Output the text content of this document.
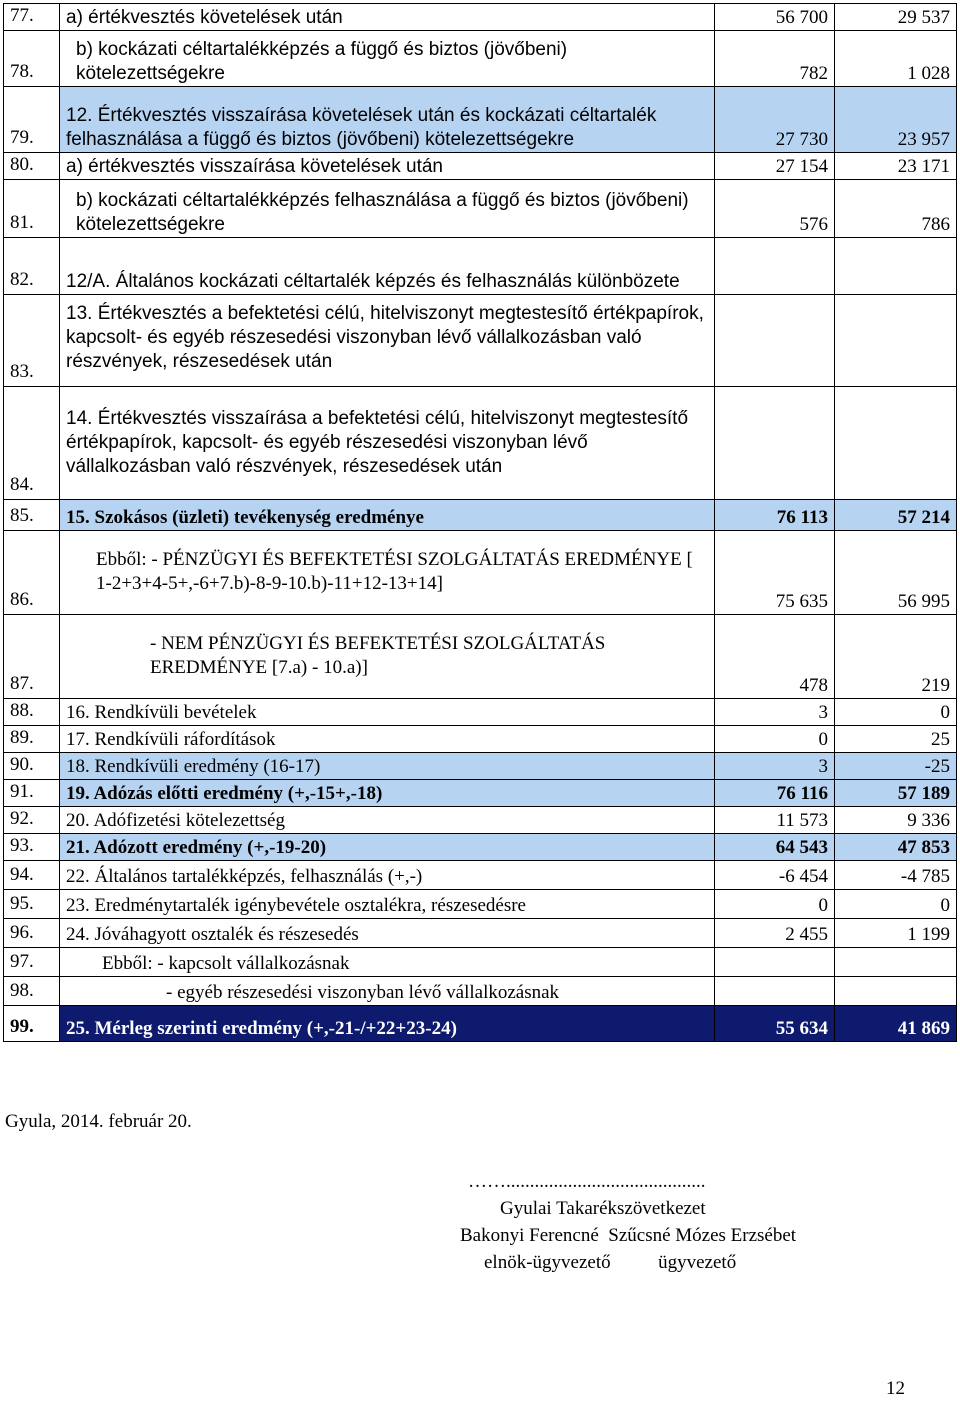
77.	a) értékvesztés követelések után	56 700	29 537
78.	b) kockázati céltartalékképzés a függő és biztos (jövőbeni) kötelezettségekre	782	1 028
79.	12. Értékvesztés visszaírása követelések után és kockázati céltartalék felhasználása a függő és biztos (jövőbeni) kötelezettségekre	27 730	23 957
80.	a) értékvesztés visszaírása követelések után	27 154	23 171
81.	b) kockázati céltartalékképzés felhasználása a függő és biztos (jövőbeni) kötelezettségekre	576	786
82.	12/A. Általános kockázati céltartalék képzés és felhasználás különbözete		
83.	13. Értékvesztés a befektetési célú, hitelviszonyt megtestesítő értékpapírok, kapcsolt- és egyéb részesedési viszonyban lévő vállalkozásban való részvények, részesedések után		
84.	14. Értékvesztés visszaírása a befektetési célú, hitelviszonyt megtestesítő értékpapírok, kapcsolt- és egyéb részesedési viszonyban lévő vállalkozásban való részvények, részesedések után		
85.	15. Szokásos (üzleti) tevékenység eredménye	76 113	57 214
86.	Ebből: - PÉNZÜGYI ÉS BEFEKTETÉSI SZOLGÁLTATÁS EREDMÉNYE [ 1-2+3+4-5+,-6+7.b)-8-9-10.b)-11+12-13+14]	75 635	56 995
87.	- NEM PÉNZÜGYI ÉS BEFEKTETÉSI SZOLGÁLTATÁS EREDMÉNYE [7.a) - 10.a)]	478	219
88.	16. Rendkívüli bevételek	3	0
89.	17. Rendkívüli ráfordítások	0	25
90.	18. Rendkívüli eredmény (16-17)	3	-25
91.	19. Adózás előtti eredmény (+,-15+,-18)	76 116	57 189
92.	20. Adófizetési kötelezettség	11 573	9 336
93.	21. Adózott eredmény (+,-19-20)	64 543	47 853
94.	22. Általános tartalékképzés, felhasználás (+,-)	-6 454	-4 785
95.	23. Eredménytartalék igénybevétele osztalékra, részesedésre	0	0
96.	24. Jóváhagyott osztalék és részesedés	2 455	1 199
97.	Ebből: - kapcsolt vállalkozásnak		
98.	- egyéb részesedési viszonyban lévő vállalkozásnak		
99.	25. Mérleg szerinti eredmény (+,-21-/+22+23-24)	55 634	41 869
Gyula, 2014. február 20.
……..........................................
Gyulai Takarékszövetkezet
Bakonyi Ferencné  Szűcsné Mózes Erzsébet
elnök-ügyvezető          ügyvezető
12
